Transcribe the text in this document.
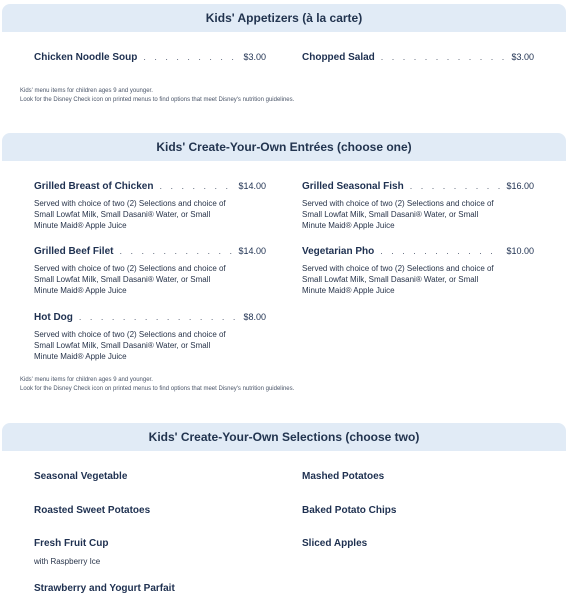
Kids' Appetizers (à la carte)
Chicken Noodle Soup . . .	$3.00	Chopped Salad . . .	$3.00
Kids' menu items for children ages 9 and younger.
Look for the Disney Check icon on printed menus to find options that meet Disney's nutrition guidelines.
Kids' Create-Your-Own Entrées (choose one)
Grilled Breast of Chicken . . .	$14.00
Served with choice of two (2) Selections and choice of Small Lowfat Milk, Small Dasani® Water, or Small Minute Maid® Apple Juice
Grilled Seasonal Fish . . .	$16.00
Served with choice of two (2) Selections and choice of Small Lowfat Milk, Small Dasani® Water, or Small Minute Maid® Apple Juice
Grilled Beef Filet . . .	$14.00
Served with choice of two (2) Selections and choice of Small Lowfat Milk, Small Dasani® Water, or Small Minute Maid® Apple Juice
Vegetarian Pho . . .	$10.00
Served with choice of two (2) Selections and choice of Small Lowfat Milk, Small Dasani® Water, or Small Minute Maid® Apple Juice
Hot Dog . . .	$8.00
Served with choice of two (2) Selections and choice of Small Lowfat Milk, Small Dasani® Water, or Small Minute Maid® Apple Juice
Kids' menu items for children ages 9 and younger.
Look for the Disney Check icon on printed menus to find options that meet Disney's nutrition guidelines.
Kids' Create-Your-Own Selections (choose two)
Seasonal Vegetable	Mashed Potatoes
Roasted Sweet Potatoes	Baked Potato Chips
Fresh Fruit Cup
with Raspberry Ice
Sliced Apples
Strawberry and Yogurt Parfait
